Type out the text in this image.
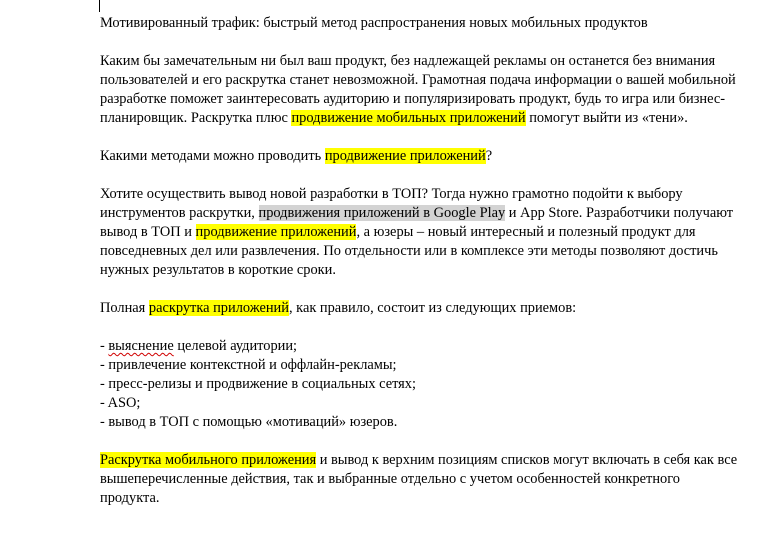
Мотивированный трафик: быстрый метод распространения новых мобильных продуктов

Каким бы замечательным ни был ваш продукт, без надлежащей рекламы он останется без внимания пользователей и его раскрутка станет невозможной. Грамотная подача информации о вашей мобильной разработке поможет заинтересовать аудиторию и популяризировать продукт, будь то игра или бизнес-планировщик. Раскрутка плюс продвижение мобильных приложений помогут выйти из «тени».

Какими методами можно проводить продвижение приложений?

Хотите осуществить вывод новой разработки в ТОП? Тогда нужно грамотно подойти к выбору инструментов раскрутки, продвижения приложений в Google Play и App Store. Разработчики получают вывод в ТОП и продвижение приложений, а юзеры – новый интересный и полезный продукт для повседневных дел или развлечения. По отдельности или в комплексе эти методы позволяют достичь нужных результатов в короткие сроки.

Полная раскрутка приложений, как правило, состоит из следующих приемов:

- выяснение целевой аудитории;

- привлечение контекстной и оффлайн-рекламы;

- пресс-релизы и продвижение в социальных сетях;

- ASO;

- вывод в ТОП с помощью «мотиваций» юзеров.

Раскрутка мобильного приложения и вывод к верхним позициям списков могут включать в себя как все вышеперечисленные действия, так и выбранные отдельно с учетом особенностей конкретного продукта.
